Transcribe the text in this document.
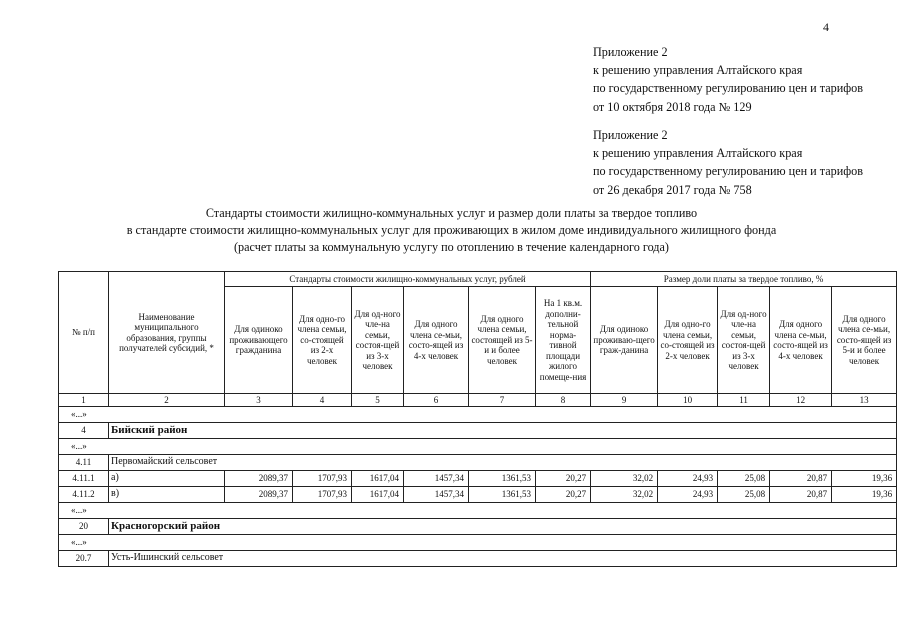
4
Приложение 2
к решению управления Алтайского края
по государственному регулированию цен и тарифов
от 10 октября 2018 года № 129
Приложение 2
к решению управления Алтайского края
по государственному регулированию цен и тарифов
от 26 декабря 2017 года № 758
Стандарты стоимости жилищно-коммунальных услуг и размер доли платы за твердое топливо
в стандарте стоимости жилищно-коммунальных услуг для проживающих в жилом доме индивидуального жилищного фонда
(расчет платы за коммунальную услугу по отоплению в течение календарного года)
№ п/п	Наименование муниципального образования, группы получателей субсидий, *	Стандарты стоимости жилищно-коммунальных услуг, рублей						Размер доли платы за твердое топливо, %				
		Для одиноко проживающего гражданина	Для одно-го члена семьи, со-стоящей из 2-х человек	Для од-ного чле-на семьи, состоя-щей из 3-х человек	Для одного члена се-мьи, состо-ящей из 4-х человек	Для одного члена семьи, состоящей из 5-и и более человек	На 1 кв.м. дополни-тельной норма-тивной площади жилого помеще-ния	Для одиноко проживаю-щего граж-данина	Для одно-го члена семьи, со-стоящей из 2-х человек	Для од-ного чле-на семьи, состоя-щей из 3-х человек	Для одного члена се-мьи, состо-ящей из 4-х человек	Для одного члена се-мьи, состо-ящей из 5-и и более человек
1	2	3	4	5	6	7	8	9	10	11	12	13
«...»												
4	Бийский район											
«...»												
4.11	Первомайский сельсовет											
4.11.1	а)	2089,37	1707,93	1617,04	1457,34	1361,53	20,27	32,02	24,93	25,08	20,87	19,36
4.11.2	в)	2089,37	1707,93	1617,04	1457,34	1361,53	20,27	32,02	24,93	25,08	20,87	19,36
«...»												
20	Красногорский район											
«...»												
20.7	Усть-Ишинский сельсовет											
